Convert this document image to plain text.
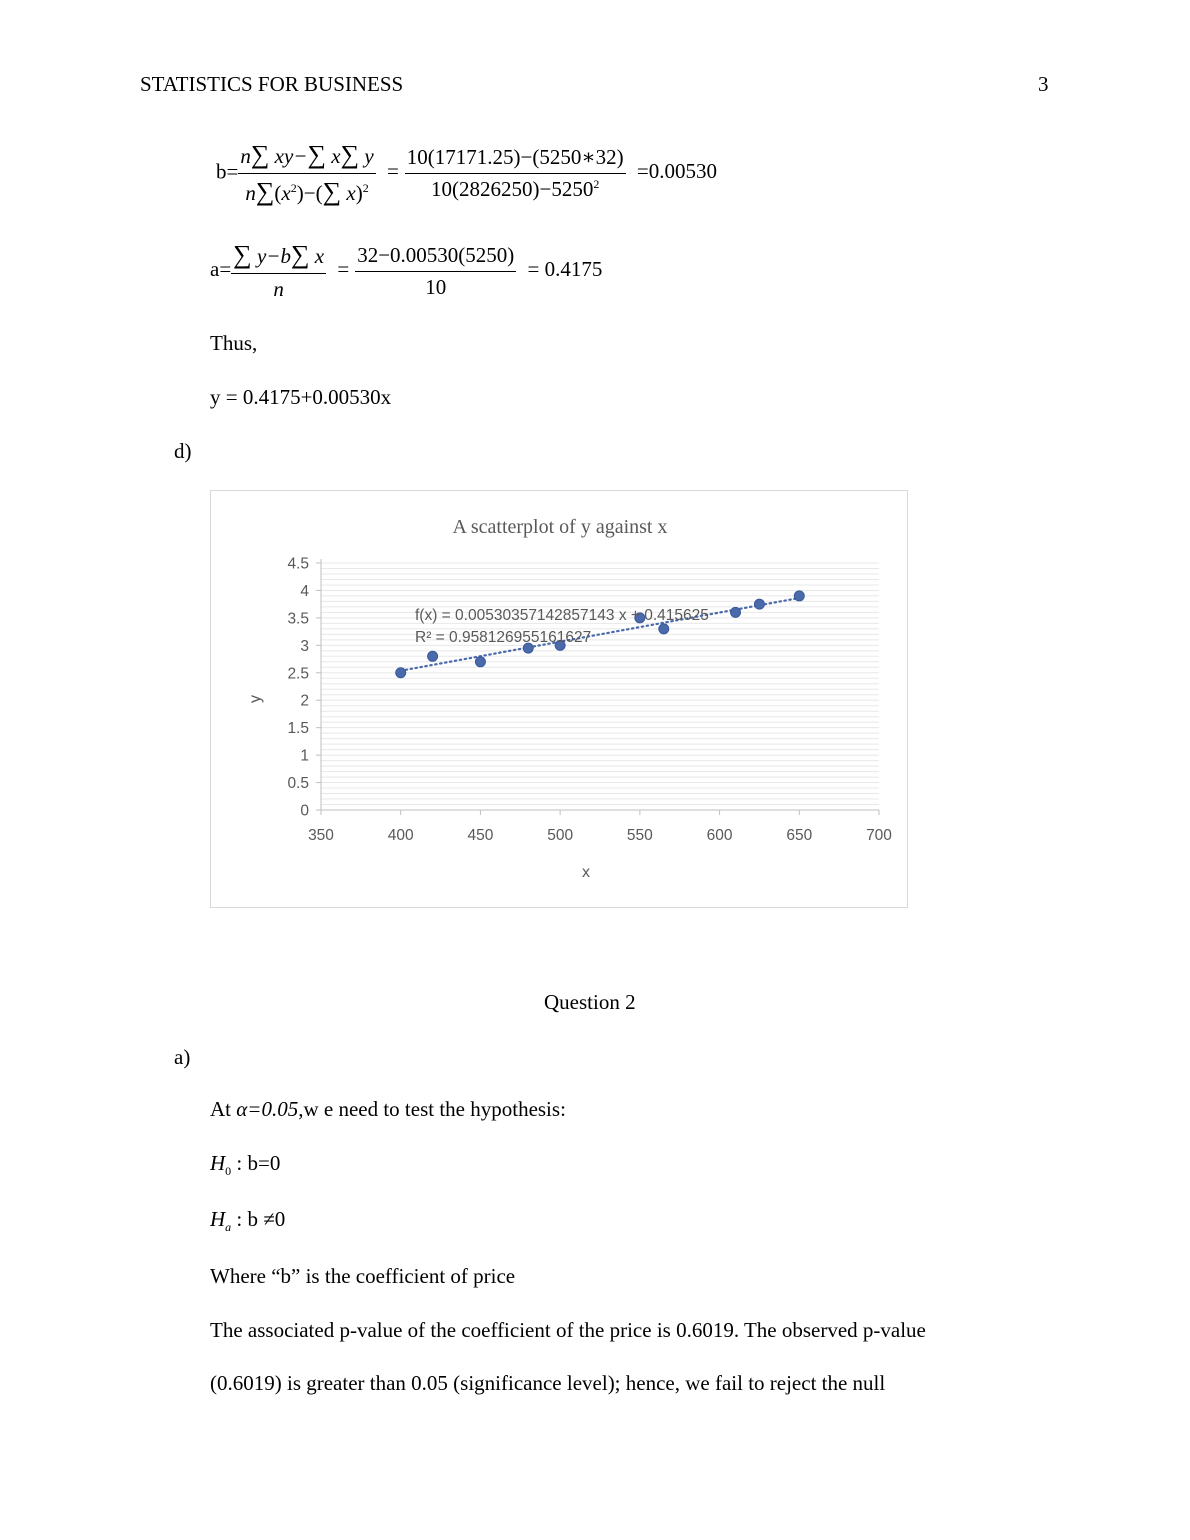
STATISTICS FOR BUSINESS	3
$b= \frac{n\sum xy-\sum x\sum y}{n\sum(x^2)-(\sum x)^2} = \frac{10(17171.25)-(5250∗32)}{10(2826250)-5250^2} =0.00530$
$a= \frac{\sum y-b\sum x}{n} = \frac{32-0.00530(5250)}{10} = 0.4175$
Thus,
y = 0.4175+0.00530x
d)
A scatterplot of y against x
0
0.5
1
1.5
2
2.5
3
3.5
4
4.5
350	400	450	500	550	600	650	700
f(x) = 0.00530357142857143 x + 0.415625
R² = 0.958126955161627
x
y
Question 2
a)
At α=0.05,w e need to test the hypothesis:
$H_0$ : b=0
$H_a$ : b ≠0
Where “b” is the coefficient of price
The associated p-value of the coefficient of the price is 0.6019. The observed p-value
(0.6019) is greater than 0.05 (significance level); hence, we fail to reject the null
